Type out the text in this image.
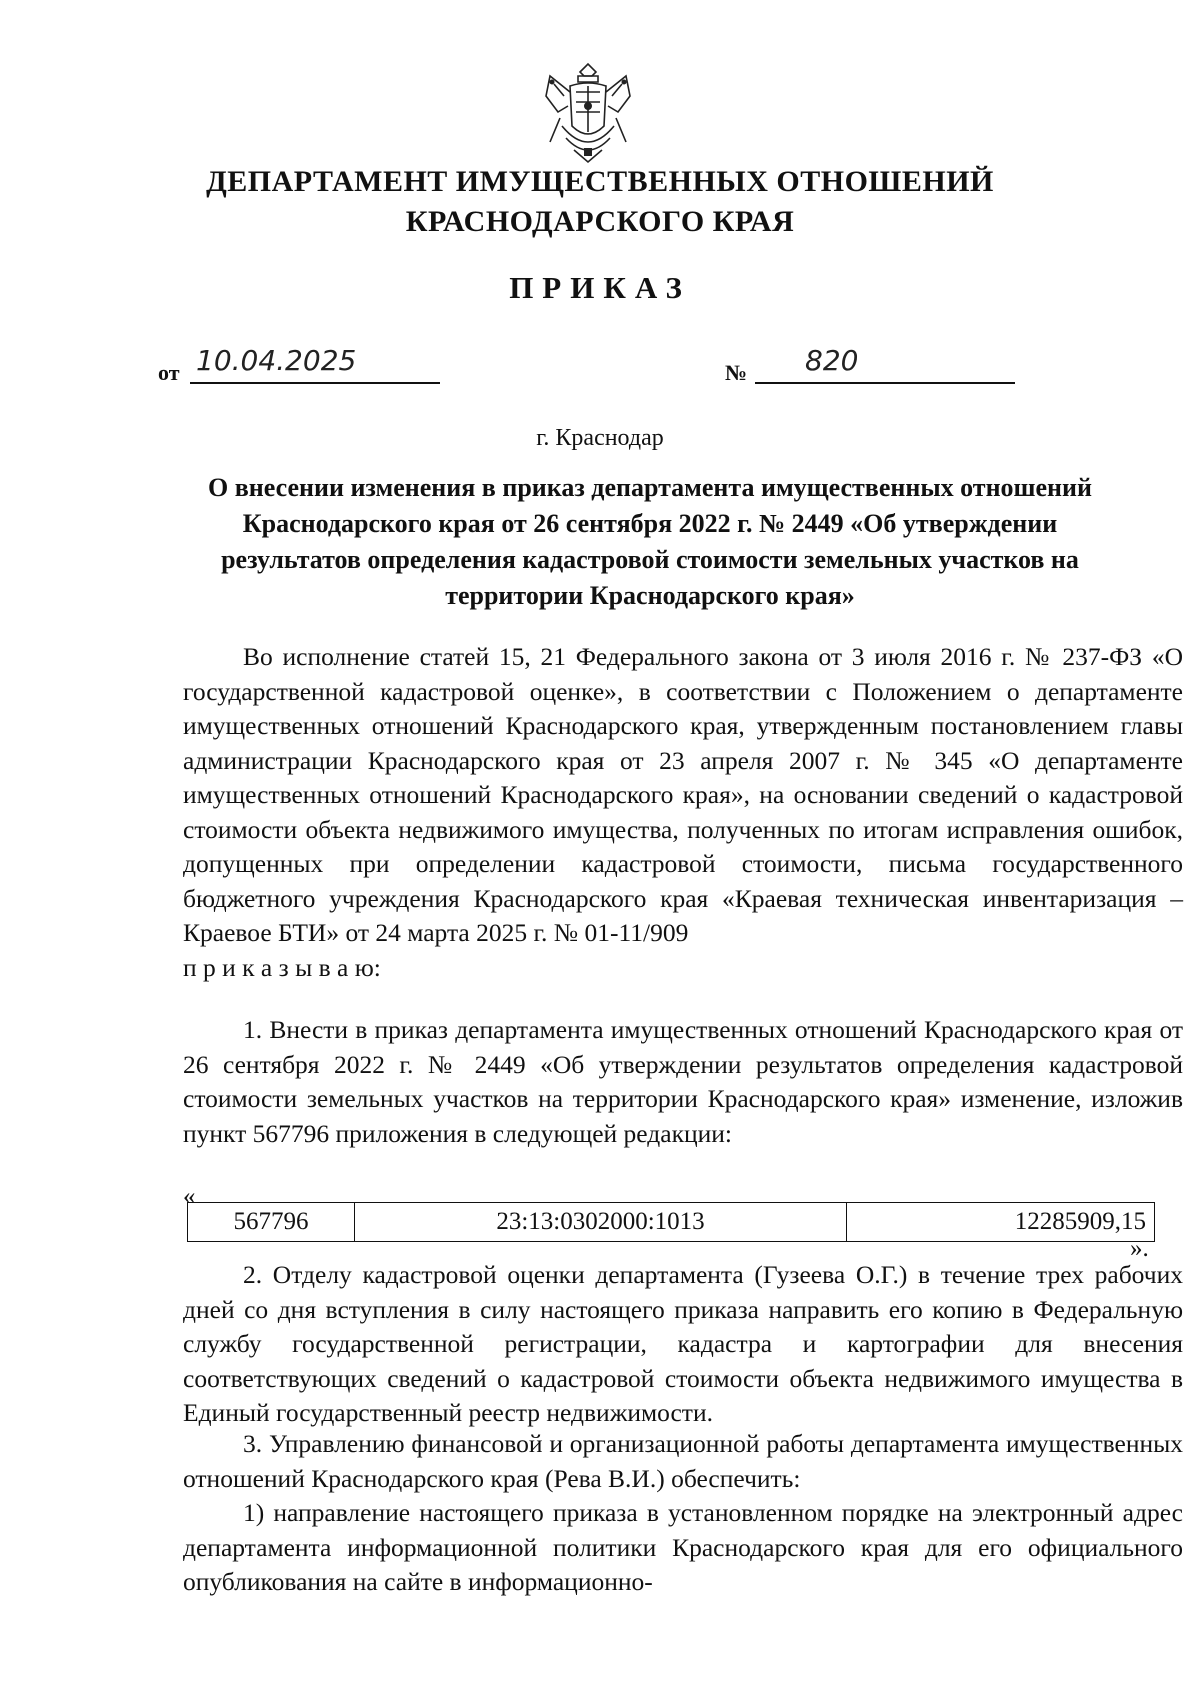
ДЕПАРТАМЕНТ ИМУЩЕСТВЕННЫХ ОТНОШЕНИЙ
КРАСНОДАРСКОГО КРАЯ
ПРИКАЗ
от 10.04.2025	№	820
г. Краснодар
О внесении изменения в приказ департамента имущественных отношений Краснодарского края от 26 сентября 2022 г. № 2449 «Об утверждении результатов определения кадастровой стоимости земельных участков на территории Краснодарского края»
Во исполнение статей 15, 21 Федерального закона от 3 июля 2016 г. № 237-ФЗ «О государственной кадастровой оценке», в соответствии с Положением о департаменте имущественных отношений Краснодарского края, утвержденным постановлением главы администрации Краснодарского края от 23 апреля 2007 г. № 345 «О департаменте имущественных отношений Краснодарского края», на основании сведений о кадастровой стоимости объекта недвижимого имущества, полученных по итогам исправления ошибок, допущенных при определении кадастровой стоимости, письма государственного бюджетного учреждения Краснодарского края «Краевая техническая инвентаризация – Краевое БТИ» от 24 марта 2025 г. № 01-11/909
п р и к а з ы в а ю:
1. Внести в приказ департамента имущественных отношений Краснодарского края от 26 сентября 2022 г. № 2449 «Об утверждении результатов определения кадастровой стоимости земельных участков на территории Краснодарского края» изменение, изложив пункт 567796 приложения в следующей редакции:
«
567796	23:13:0302000:1013	12285909,15
».
2. Отделу кадастровой оценки департамента (Гузеева О.Г.) в течение трех рабочих дней со дня вступления в силу настоящего приказа направить его копию в Федеральную службу государственной регистрации, кадастра и картографии для внесения соответствующих сведений о кадастровой стоимости объекта недвижимого имущества в Единый государственный реестр недвижимости.
3. Управлению финансовой и организационной работы департамента имущественных отношений Краснодарского края (Рева В.И.) обеспечить:
1) направление настоящего приказа в установленном порядке на электронный адрес департамента информационной политики Краснодарского края для его официального опубликования на сайте в информационно-
